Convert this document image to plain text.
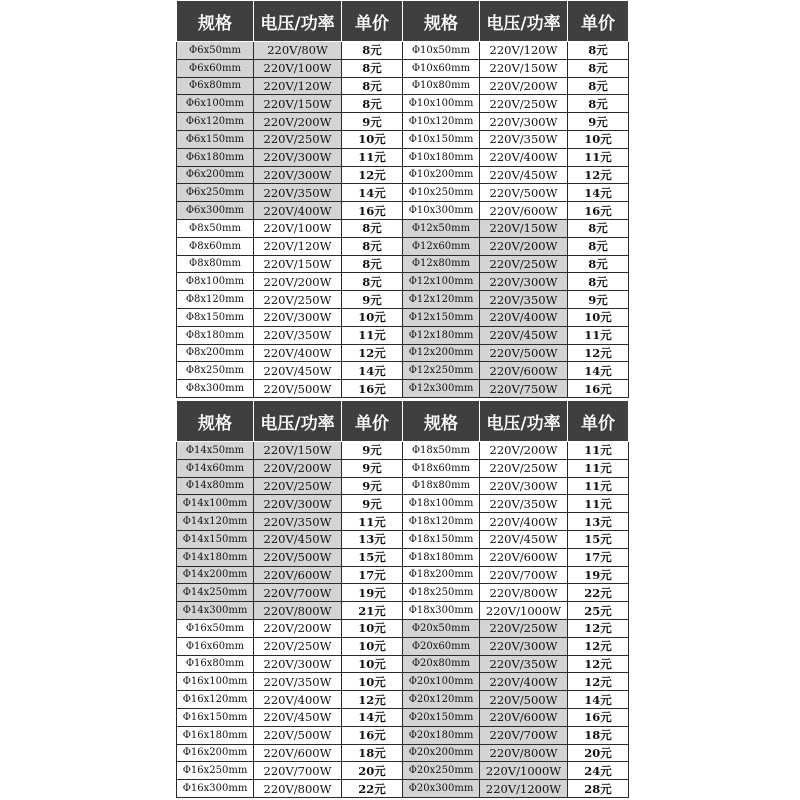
规格	电压/功率	单价	规格	电压/功率	单价
Φ6x50mm	220V/80W	8元	Φ10x50mm	220V/120W	8元
Φ6x60mm	220V/100W	8元	Φ10x60mm	220V/150W	8元
Φ6x80mm	220V/120W	8元	Φ10x80mm	220V/200W	8元
Φ6x100mm	220V/150W	8元	Φ10x100mm	220V/250W	8元
Φ6x120mm	220V/200W	9元	Φ10x120mm	220V/300W	9元
Φ6x150mm	220V/250W	10元	Φ10x150mm	220V/350W	10元
Φ6x180mm	220V/300W	11元	Φ10x180mm	220V/400W	11元
Φ6x200mm	220V/300W	12元	Φ10x200mm	220V/450W	12元
Φ6x250mm	220V/350W	14元	Φ10x250mm	220V/500W	14元
Φ6x300mm	220V/400W	16元	Φ10x300mm	220V/600W	16元
Φ8x50mm	220V/100W	8元	Φ12x50mm	220V/150W	8元
Φ8x60mm	220V/120W	8元	Φ12x60mm	220V/200W	8元
Φ8x80mm	220V/150W	8元	Φ12x80mm	220V/250W	8元
Φ8x100mm	220V/200W	8元	Φ12x100mm	220V/300W	8元
Φ8x120mm	220V/250W	9元	Φ12x120mm	220V/350W	9元
Φ8x150mm	220V/300W	10元	Φ12x150mm	220V/400W	10元
Φ8x180mm	220V/350W	11元	Φ12x180mm	220V/450W	11元
Φ8x200mm	220V/400W	12元	Φ12x200mm	220V/500W	12元
Φ8x250mm	220V/450W	14元	Φ12x250mm	220V/600W	14元
Φ8x300mm	220V/500W	16元	Φ12x300mm	220V/750W	16元
规格	电压/功率	单价	规格	电压/功率	单价
Φ14x50mm	220V/150W	9元	Φ18x50mm	220V/200W	11元
Φ14x60mm	220V/200W	9元	Φ18x60mm	220V/250W	11元
Φ14x80mm	220V/250W	9元	Φ18x80mm	220V/300W	11元
Φ14x100mm	220V/300W	9元	Φ18x100mm	220V/350W	11元
Φ14x120mm	220V/350W	11元	Φ18x120mm	220V/400W	13元
Φ14x150mm	220V/450W	13元	Φ18x150mm	220V/450W	15元
Φ14x180mm	220V/500W	15元	Φ18x180mm	220V/600W	17元
Φ14x200mm	220V/600W	17元	Φ18x200mm	220V/700W	19元
Φ14x250mm	220V/700W	19元	Φ18x250mm	220V/800W	22元
Φ14x300mm	220V/800W	21元	Φ18x300mm	220V/1000W	25元
Φ16x50mm	220V/200W	10元	Φ20x50mm	220V/250W	12元
Φ16x60mm	220V/250W	10元	Φ20x60mm	220V/300W	12元
Φ16x80mm	220V/300W	10元	Φ20x80mm	220V/350W	12元
Φ16x100mm	220V/350W	10元	Φ20x100mm	220V/400W	12元
Φ16x120mm	220V/400W	12元	Φ20x120mm	220V/500W	14元
Φ16x150mm	220V/450W	14元	Φ20x150mm	220V/600W	16元
Φ16x180mm	220V/500W	16元	Φ20x180mm	220V/700W	18元
Φ16x200mm	220V/600W	18元	Φ20x200mm	220V/800W	20元
Φ16x250mm	220V/700W	20元	Φ20x250mm	220V/1000W	24元
Φ16x300mm	220V/800W	22元	Φ20x300mm	220V/1200W	28元
